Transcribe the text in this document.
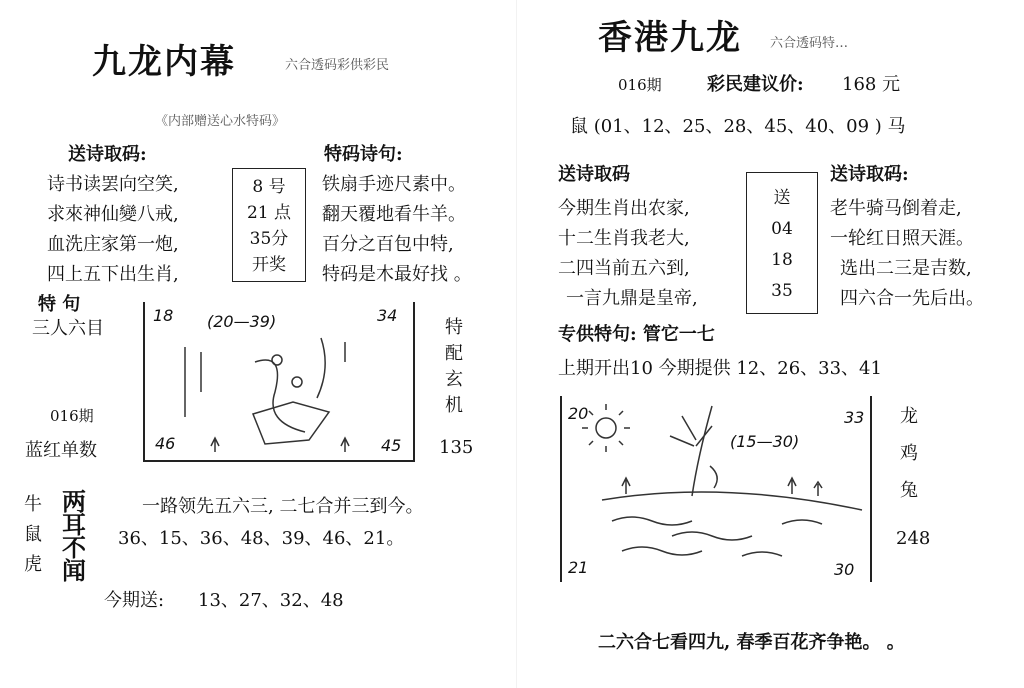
九龙内幕	六合透码彩供彩民
《内部赠送心水特码》
送诗取码:
诗书读罢向空笑,
求來神仙變八戒,
血洗庄家第一炮,
四上五下出生肖,
8 号
21 点
35分
开奖
特码诗句:
铁扇手迹尺素中。
翻天覆地看牛羊。
百分之百包中特,
特码是木最好找 。
特 句
三人六目
016期
蓝红单数
18 (20—39)	34
46	45
特
配
玄
机
135
牛
鼠
虎
两
耳
不
闻
一路领先五六三, 二七合并三到今。
36、15、36、48、39、46、21。
今期送: 13、27、32、48
香港九龙 六合透码特…
016期	彩民建议价: 168 元
鼠 (01、12、25、28、45、40、09 ) 马
送诗取码
今期生肖出农家,
十二生肖我老大,
二四当前五六到,
一言九鼎是皇帝,
送
04
18
35
送诗取码:
老牛骑马倒着走,
一轮红日照天涯。
选出二三是吉数,
四六合一先后出。
专供特句: 管它一七
上期开出10 今期提供 12、26、33、41
20
(15—30)
33
21	30
龙
鸡
兔
248
二六合七看四九, 春季百花齐争艳。 。
